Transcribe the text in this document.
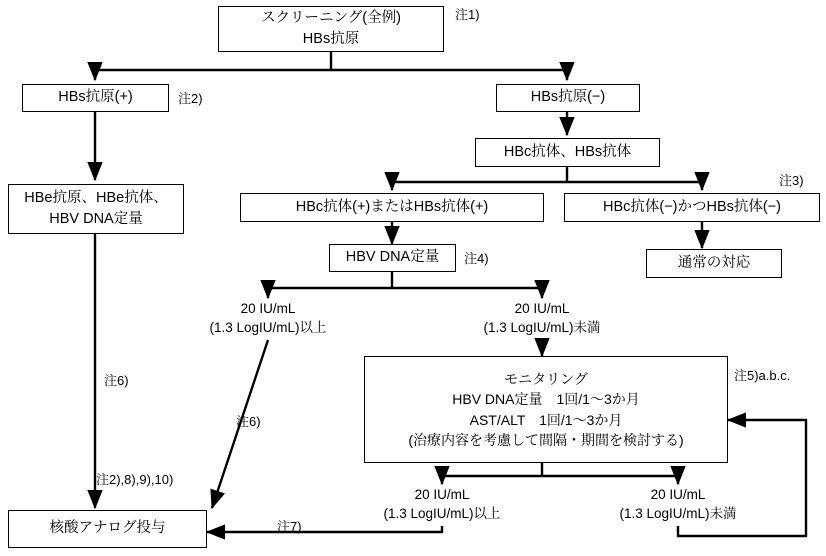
スクリーニング(全例)
HBs抗原
HBs抗原(+)	HBs抗原(−)
HBc抗体、HBs抗体
HBe抗原、HBe抗体、
HBV DNA定量
HBc抗体(+)またはHBs抗体(+)	HBc抗体(−)かつHBs抗体(−)
HBV DNA定量	通常の対応
モニタリング
HBV DNA定量　1回/1〜3か月
AST/ALT　1回/1〜3か月
(治療内容を考慮して間隔・期間を検討する)
核酸アナログ投与
注1)
注2)
注3)
注4)
注5)a.b.c.
注6)
注6)
注7)
注2),8),9),10)
20 IU/mL
(1.3 LogIU/mL)以上
20 IU/mL
(1.3 LogIU/mL)未満
20 IU/mL
(1.3 LogIU/mL)以上
20 IU/mL
(1.3 LogIU/mL)未満
